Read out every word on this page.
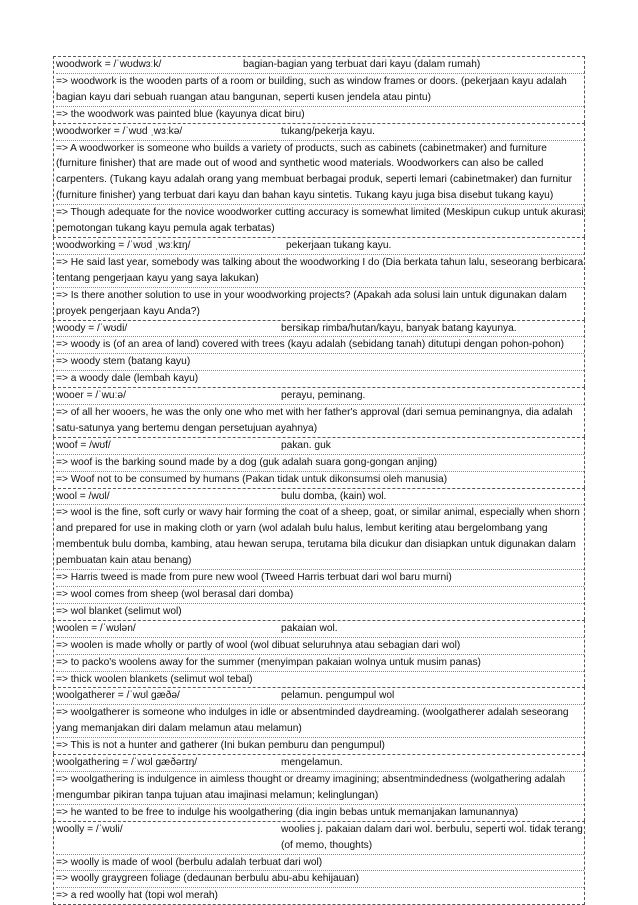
woodwork = /ˈwʊdwɜːk/	bagian-bagian yang terbuat dari kayu (dalam rumah)
=> woodwork is the wooden parts of a room or building, such as window frames or doors. (pekerjaan kayu adalah bagian kayu dari sebuah ruangan atau bangunan, seperti kusen jendela atau pintu)
=> the woodwork was painted blue (kayunya dicat biru)
woodworker = /ˈwʊd ˌwɜːkə/	tukang/pekerja kayu.
=> A woodworker is someone who builds a variety of products, such as cabinets (cabinetmaker) and furniture (furniture finisher) that are made out of wood and synthetic wood materials. Woodworkers can also be called carpenters. (Tukang kayu adalah orang yang membuat berbagai produk, seperti lemari (cabinetmaker) dan furnitur (furniture finisher) yang terbuat dari kayu dan bahan kayu sintetis. Tukang kayu juga bisa disebut tukang kayu)
=> Though adequate for the novice woodworker cutting accuracy is somewhat limited (Meskipun cukup untuk akurasi pemotongan tukang kayu pemula agak terbatas)
woodworking = /ˈwʊd ˌwɜːkɪŋ/	pekerjaan tukang kayu.
=> He said last year, somebody was talking about the woodworking I do (Dia berkata tahun lalu, seseorang berbicara tentang pengerjaan kayu yang saya lakukan)
=> Is there another solution to use in your woodworking projects? (Apakah ada solusi lain untuk digunakan dalam proyek pengerjaan kayu Anda?)
woody = /ˈwʊdi/	bersikap rimba/hutan/kayu, banyak batang kayunya.
=> woody is (of an area of land) covered with trees (kayu adalah (sebidang tanah) ditutupi dengan pohon-pohon)
=> woody stem (batang kayu)
=> a woody dale (lembah kayu)
wooer = /ˈwuːə/	perayu, peminang.
=> of all her wooers, he was the only one who met with her father's approval (dari semua peminangnya, dia adalah satu-satunya yang bertemu dengan persetujuan ayahnya)
woof = /wʊf/	pakan. guk
=> woof is the barking sound made by a dog (guk adalah suara gong-gongan anjing)
=> Woof not to be consumed by humans (Pakan tidak untuk dikonsumsi oleh manusia)
wool = /wʊl/	bulu domba, (kain) wol.
=> wool is the fine, soft curly or wavy hair forming the coat of a sheep, goat, or similar animal, especially when shorn and prepared for use in making cloth or yarn (wol adalah bulu halus, lembut keriting atau bergelombang yang membentuk bulu domba, kambing, atau hewan serupa, terutama bila dicukur dan disiapkan untuk digunakan dalam pembuatan kain atau benang)
=> Harris tweed is made from pure new wool (Tweed Harris terbuat dari wol baru murni)
=> wool comes from sheep (wol berasal dari domba)
=> wol blanket (selimut wol)
woolen = /ˈwʊlən/	pakaian wol.
=> woolen is made wholly or partly of wool (wol dibuat seluruhnya atau sebagian dari wol)
=> to packo's woolens away for the summer (menyimpan pakaian wolnya untuk musim panas)
=> thick woolen blankets (selimut wol tebal)
woolgatherer = /ˈwʊl ɡæðə/	pelamun. pengumpul wol
=> woolgatherer is someone who indulges in idle or absentminded daydreaming. (woolgatherer adalah seseorang yang memanjakan diri dalam melamun atau melamun)
=> This is not a hunter and gatherer (Ini bukan pemburu dan pengumpul)
woolgathering = /ˈwʊl ɡæðərɪŋ/	mengelamun.
=> woolgathering is indulgence in aimless thought or dreamy imagining; absentmindedness (wolgathering adalah mengumbar pikiran tanpa tujuan atau imajinasi melamun; kelinglungan)
=> he wanted to be free to indulge his woolgathering (dia ingin bebas untuk memanjakan lamunannya)
woolly = /ˈwʊli/	woolies j. pakaian dalam dari wol. berbulu, seperti wol. tidak terang (of memo, thoughts)
=> woolly is made of wool (berbulu adalah terbuat dari wol)
=> woolly graygreen foliage (dedaunan berbulu abu-abu kehijauan)
=> a red woolly hat (topi wol merah)
